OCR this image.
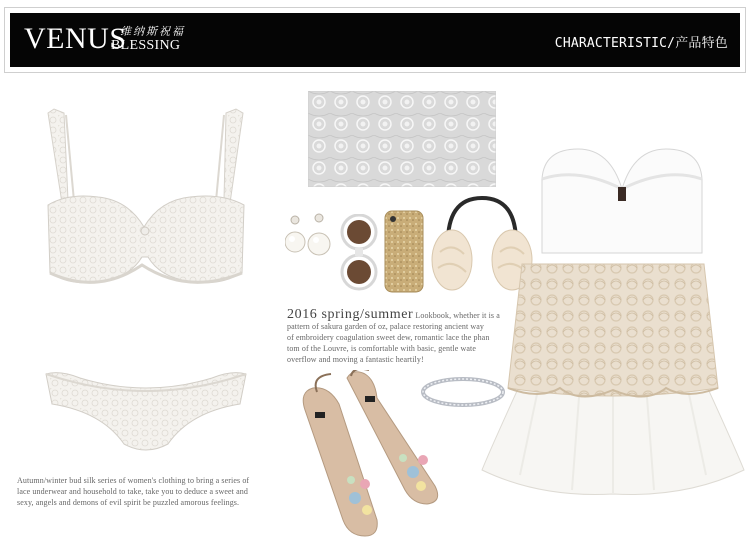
VENUS
维纳斯祝福
BLESSING	CHARACTERISTIC/产品特色
Autumn/winter bud silk series of women's clothing to bring a series of
lace underwear and household to take, take you to deduce a sweet and
sexy, angels and demons of evil spirit be puzzled amorous feelings.
2016 spring/summer Lookbook, whether it is a
pattern of sakura garden of oz, palace restoring ancient way
of embroidery coagulation sweet dew, romantic lace the phan
tom of the Louvre, is comfortable with basic, gentle wate
overflow and moving a fantastic heartily!
